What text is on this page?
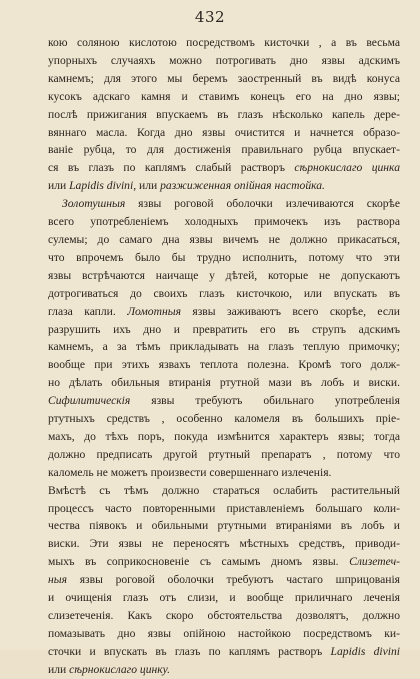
432
кою соляною кислотою посредствомъ кисточки , а въ весьма
упорныхъ случаяхъ можно потрогивать дно язвы адскимъ
камнемъ; для этого мы беремъ заостренный въ видѣ конуса
кусокъ адскаго камня и ставимъ конецъ его на дно язвы;
послѣ прижигания впускаемъ въ глазъ нѣсколько капель дере-
вяннаго масла. Когда дно язвы очистится и начнется образо-
ванie рубца, то для достиженiя правильнаго рубца впускает-
ся въ глазъ по каплямъ слабый растворъ сѣрнокислаго цинка
или Lapidis divini, или разжиженная опiйная настойка.
Золотушныя язвы роговой оболочки излечиваются скорѣе
всего употребленiемъ холодныхъ примочекъ изъ раствора
сулемы; до самаго дна язвы вичемъ не должно прикасаться,
что впрочемъ было бы трудно исполнить, потому что эти
язвы встрѣчаются наичаще у дѣтей, которые не допускаютъ
дотрогиваться до своихъ глазъ кисточкою, или впускать въ
глаза капли. Ломотныя язвы заживаютъ всего скорѣе, если
разрушить ихъ дно и превратить его въ струпъ адскимъ
камнемъ, а за тѣмъ прикладывать на глазъ теплую примочку;
вообще при этихъ язвахъ теплота полезна. Кромѣ того долж-
но дѣлать обильныя втиранiя ртутной мази въ лобъ и виски.
Сифилитическiя язвы требуютъ обильнаго употребленiя
ртутныхъ средствъ , особенно каломеля въ большихъ прiе-
махъ, до тѣхъ поръ, покуда измѣнится характеръ язвы; тогда
должно предписать другой ртутный препаратъ , потому что
каломель не можетъ произвести совершеннаго излеченiя.
Вмѣстѣ съ тѣмъ должно стараться ослабить растительный
процессъ часто повторенными приставленiемъ большаго коли-
чества пiявокъ и обильными ртутными втиранiями въ лобъ и
виски. Эти язвы не переносятъ мѣстныхъ средствъ, приводи-
мыхъ въ соприкосновенiе съ самымъ дномъ язвы. Слизетеч-
ныя язвы роговой оболочки требуютъ частаго шприцованiя
и очищенiя глазъ отъ слизи, и вообще приличнаго леченiя
слизетеченiя. Какъ скоро обстоятельства дозволятъ, должно
помазывать дно язвы опiйною настойкою посредствомъ ки-
сточки и впускать въ глазъ по каплямъ растворъ Lapidis divini
или сѣрнокислаго цинку.
